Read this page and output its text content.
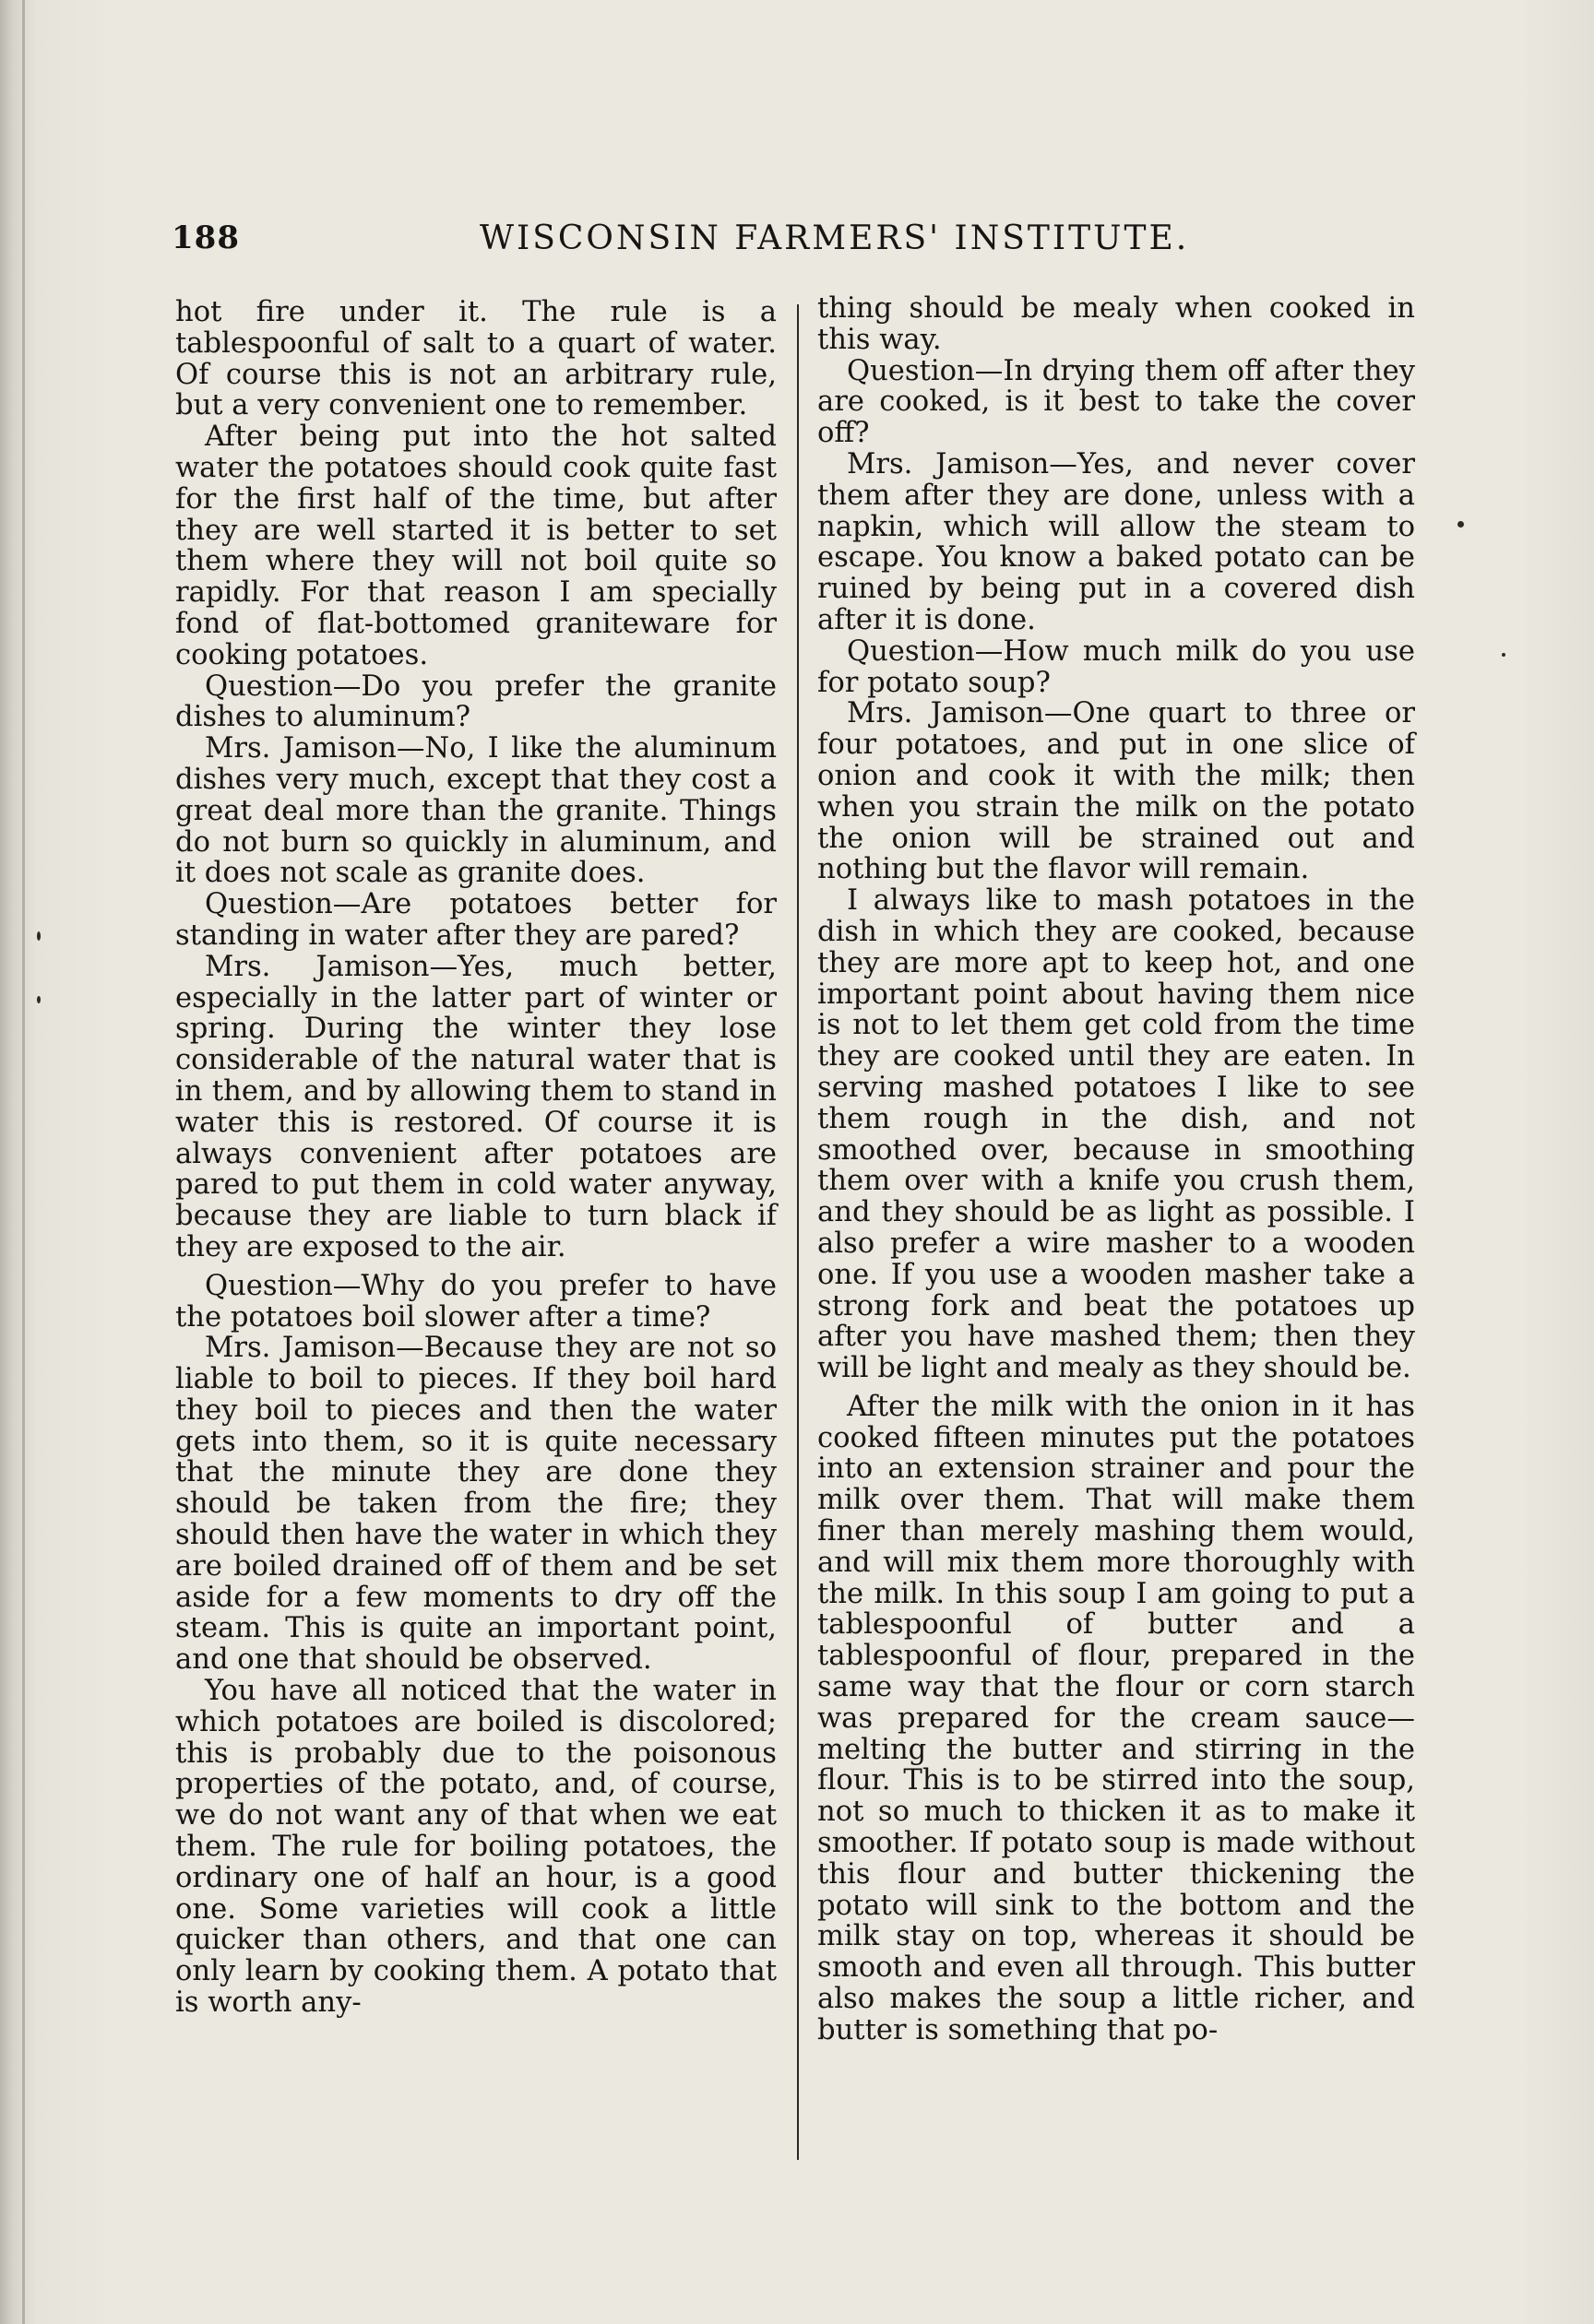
188	WISCONSIN FARMERS' INSTITUTE.

hot fire under it. The rule is a tablespoonful of salt to a quart of water. Of course this is not an arbitrary rule, but a very convenient one to remember.

After being put into the hot salted water the potatoes should cook quite fast for the first half of the time, but after they are well started it is better to set them where they will not boil quite so rapidly. For that reason I am specially fond of flat-bottomed graniteware for cooking potatoes.

Question—Do you prefer the granite dishes to aluminum?

Mrs. Jamison—No, I like the aluminum dishes very much, except that they cost a great deal more than the granite. Things do not burn so quickly in aluminum, and it does not scale as granite does.

Question—Are potatoes better for standing in water after they are pared?

Mrs. Jamison—Yes, much better, especially in the latter part of winter or spring. During the winter they lose considerable of the natural water that is in them, and by allowing them to stand in water this is restored. Of course it is always convenient after potatoes are pared to put them in cold water anyway, because they are liable to turn black if they are exposed to the air.

Question—Why do you prefer to have the potatoes boil slower after a time?

Mrs. Jamison—Because they are not so liable to boil to pieces. If they boil hard they boil to pieces and then the water gets into them, so it is quite necessary that the minute they are done they should be taken from the fire; they should then have the water in which they are boiled drained off of them and be set aside for a few moments to dry off the steam. This is quite an important point, and one that should be observed.

You have all noticed that the water in which potatoes are boiled is discolored; this is probably due to the poisonous properties of the potato, and, of course, we do not want any of that when we eat them. The rule for boiling potatoes, the ordinary one of half an hour, is a good one. Some varieties will cook a little quicker than others, and that one can only learn by cooking them. A potato that is worth any-

thing should be mealy when cooked in this way.

Question—In drying them off after they are cooked, is it best to take the cover off?

Mrs. Jamison—Yes, and never cover them after they are done, unless with a napkin, which will allow the steam to escape. You know a baked potato can be ruined by being put in a covered dish after it is done.

Question—How much milk do you use for potato soup?

Mrs. Jamison—One quart to three or four potatoes, and put in one slice of onion and cook it with the milk; then when you strain the milk on the potato the onion will be strained out and nothing but the flavor will remain.

I always like to mash potatoes in the dish in which they are cooked, because they are more apt to keep hot, and one important point about having them nice is not to let them get cold from the time they are cooked until they are eaten. In serving mashed potatoes I like to see them rough in the dish, and not smoothed over, because in smoothing them over with a knife you crush them, and they should be as light as possible. I also prefer a wire masher to a wooden one. If you use a wooden masher take a strong fork and beat the potatoes up after you have mashed them; then they will be light and mealy as they should be.

After the milk with the onion in it has cooked fifteen minutes put the potatoes into an extension strainer and pour the milk over them. That will make them finer than merely mashing them would, and will mix them more thoroughly with the milk. In this soup I am going to put a tablespoonful of butter and a tablespoonful of flour, prepared in the same way that the flour or corn starch was prepared for the cream sauce—melting the butter and stirring in the flour. This is to be stirred into the soup, not so much to thicken it as to make it smoother. If potato soup is made without this flour and butter thickening the potato will sink to the bottom and the milk stay on top, whereas it should be smooth and even all through. This butter also makes the soup a little richer, and butter is something that po-
